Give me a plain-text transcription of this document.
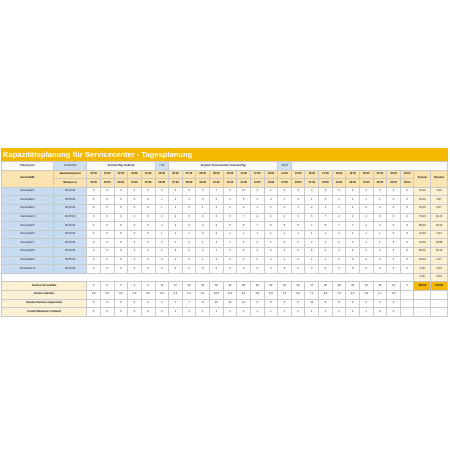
Kapazitätsplanung für Servicecenter - Tagesplanung
Planung für	02.06.2022	Stunden/Tag (Vollzeit)					7,00	Angebot Servicehotline Stunden/Tag								18,00											
Servicefälle	Bearbeitungszeit	05:00	01:00	02:00	03:00	04:00	05:00	06:00	07:00	08:00	09:00	10:00	11:00	12:00	13:00	14:00	15:00	16:00	17:00	18:00	19:00	20:00	21:00	22:00	23:00	Summe	Stunden
	Minuten zu	02:00	02:00	03:00	04:00	05:00	06:00	07:00	08:00	09:00	10:00	11:00	12:00	13:00	14:00	15:00	16:00	17:00	18:00	19:00	20:00	21:00	22:00	23:00	00:00		
Servicefall 1	00:10:00	0	0	0	0	0	3	4	5	3	7	9	10	3	1	3	3	3	3	3	3	3	3	3	0	34,00	4,00
Servicefall 2	00:05:00	0	0	0	0	0	1	4	1	2	5	4	5	4	4	1	4	1	2	1	1	1	1	0	0	44,00	3,67
Servicefall 3	00:10:00	0	0	0	0	0	1	1	2	1	2	2	2	1	2	2	1	2	1	1	2	2	2	0	0	32,00	5,67
Servicefall 4	00:15:00	0	0	0	0	0	2	2	3	4	5	6	7	4	1	2	3	6	7	2	3	4	0	0	0	76,00	11,43
Servicefall 5	00:15:00	0	0	0	0	0	4	3	3	4	4	5	6	7	5	5	6	7	8	7	7	4	0	0	0	95,00	16,43
Servicefall 6	00:10:00	0	0	0	0	0	1	1	1	2	3	2	1	1	1	1	1	1	1	1	1	1	1	0	0	21,00	5,34
Servicefall 7	00:15:00	0	0	0	0	0	2	1	2	1	4	1	2	2	1	2	2	2	1	2	1	1	1	0	0	34,00	10,58
Servicefall 8	00:10:00	0	0	0	0	0	1	4	6	3	7	6	4	4	3	4	5	5	6	4	3	2	0	0	0	80,00	16,13
Servicefall 9	00:05:00	0	0	0	0	0	3	1	2	1	2	3	4	2	3	1	2	1	1	0	0	0	0	0	0	26,00	2,17
Servicefall 10	00:10:00	0	0	0	0	0	0	0	0	0	0	0	0	0	0	0	0	0	0	0	0	0	0	0	0	0,00	0,00
																										0,00	0,00
Summe Servicefälle		0	0	0	0	0	11	27	22	30	35	42	55	26	20	22	29	27	25	38	29	24	16	14	0	480,00	126,20
Summe Stunden		0,0	0,0	0,0	0,0	0,0	0,9	0,3	0,1	0,1	10,8	11,1	5,1	4,8	6,8	7,6	9,2	7,1	8,3	7,6	4,5	4,3	1,7	0,0			
Summe Stunden aufgerundet		0	0	0	0	0	4	7	7	9	10	11	14	6	5	6	8	10	8	8	6	5	2	0			
Anzahl Mitarbeiter (Vollzeit)		0	0	0	0	0	2	1	1	1	2	2	2	1	1	1	2	1	1	1	1	1	0	0			
